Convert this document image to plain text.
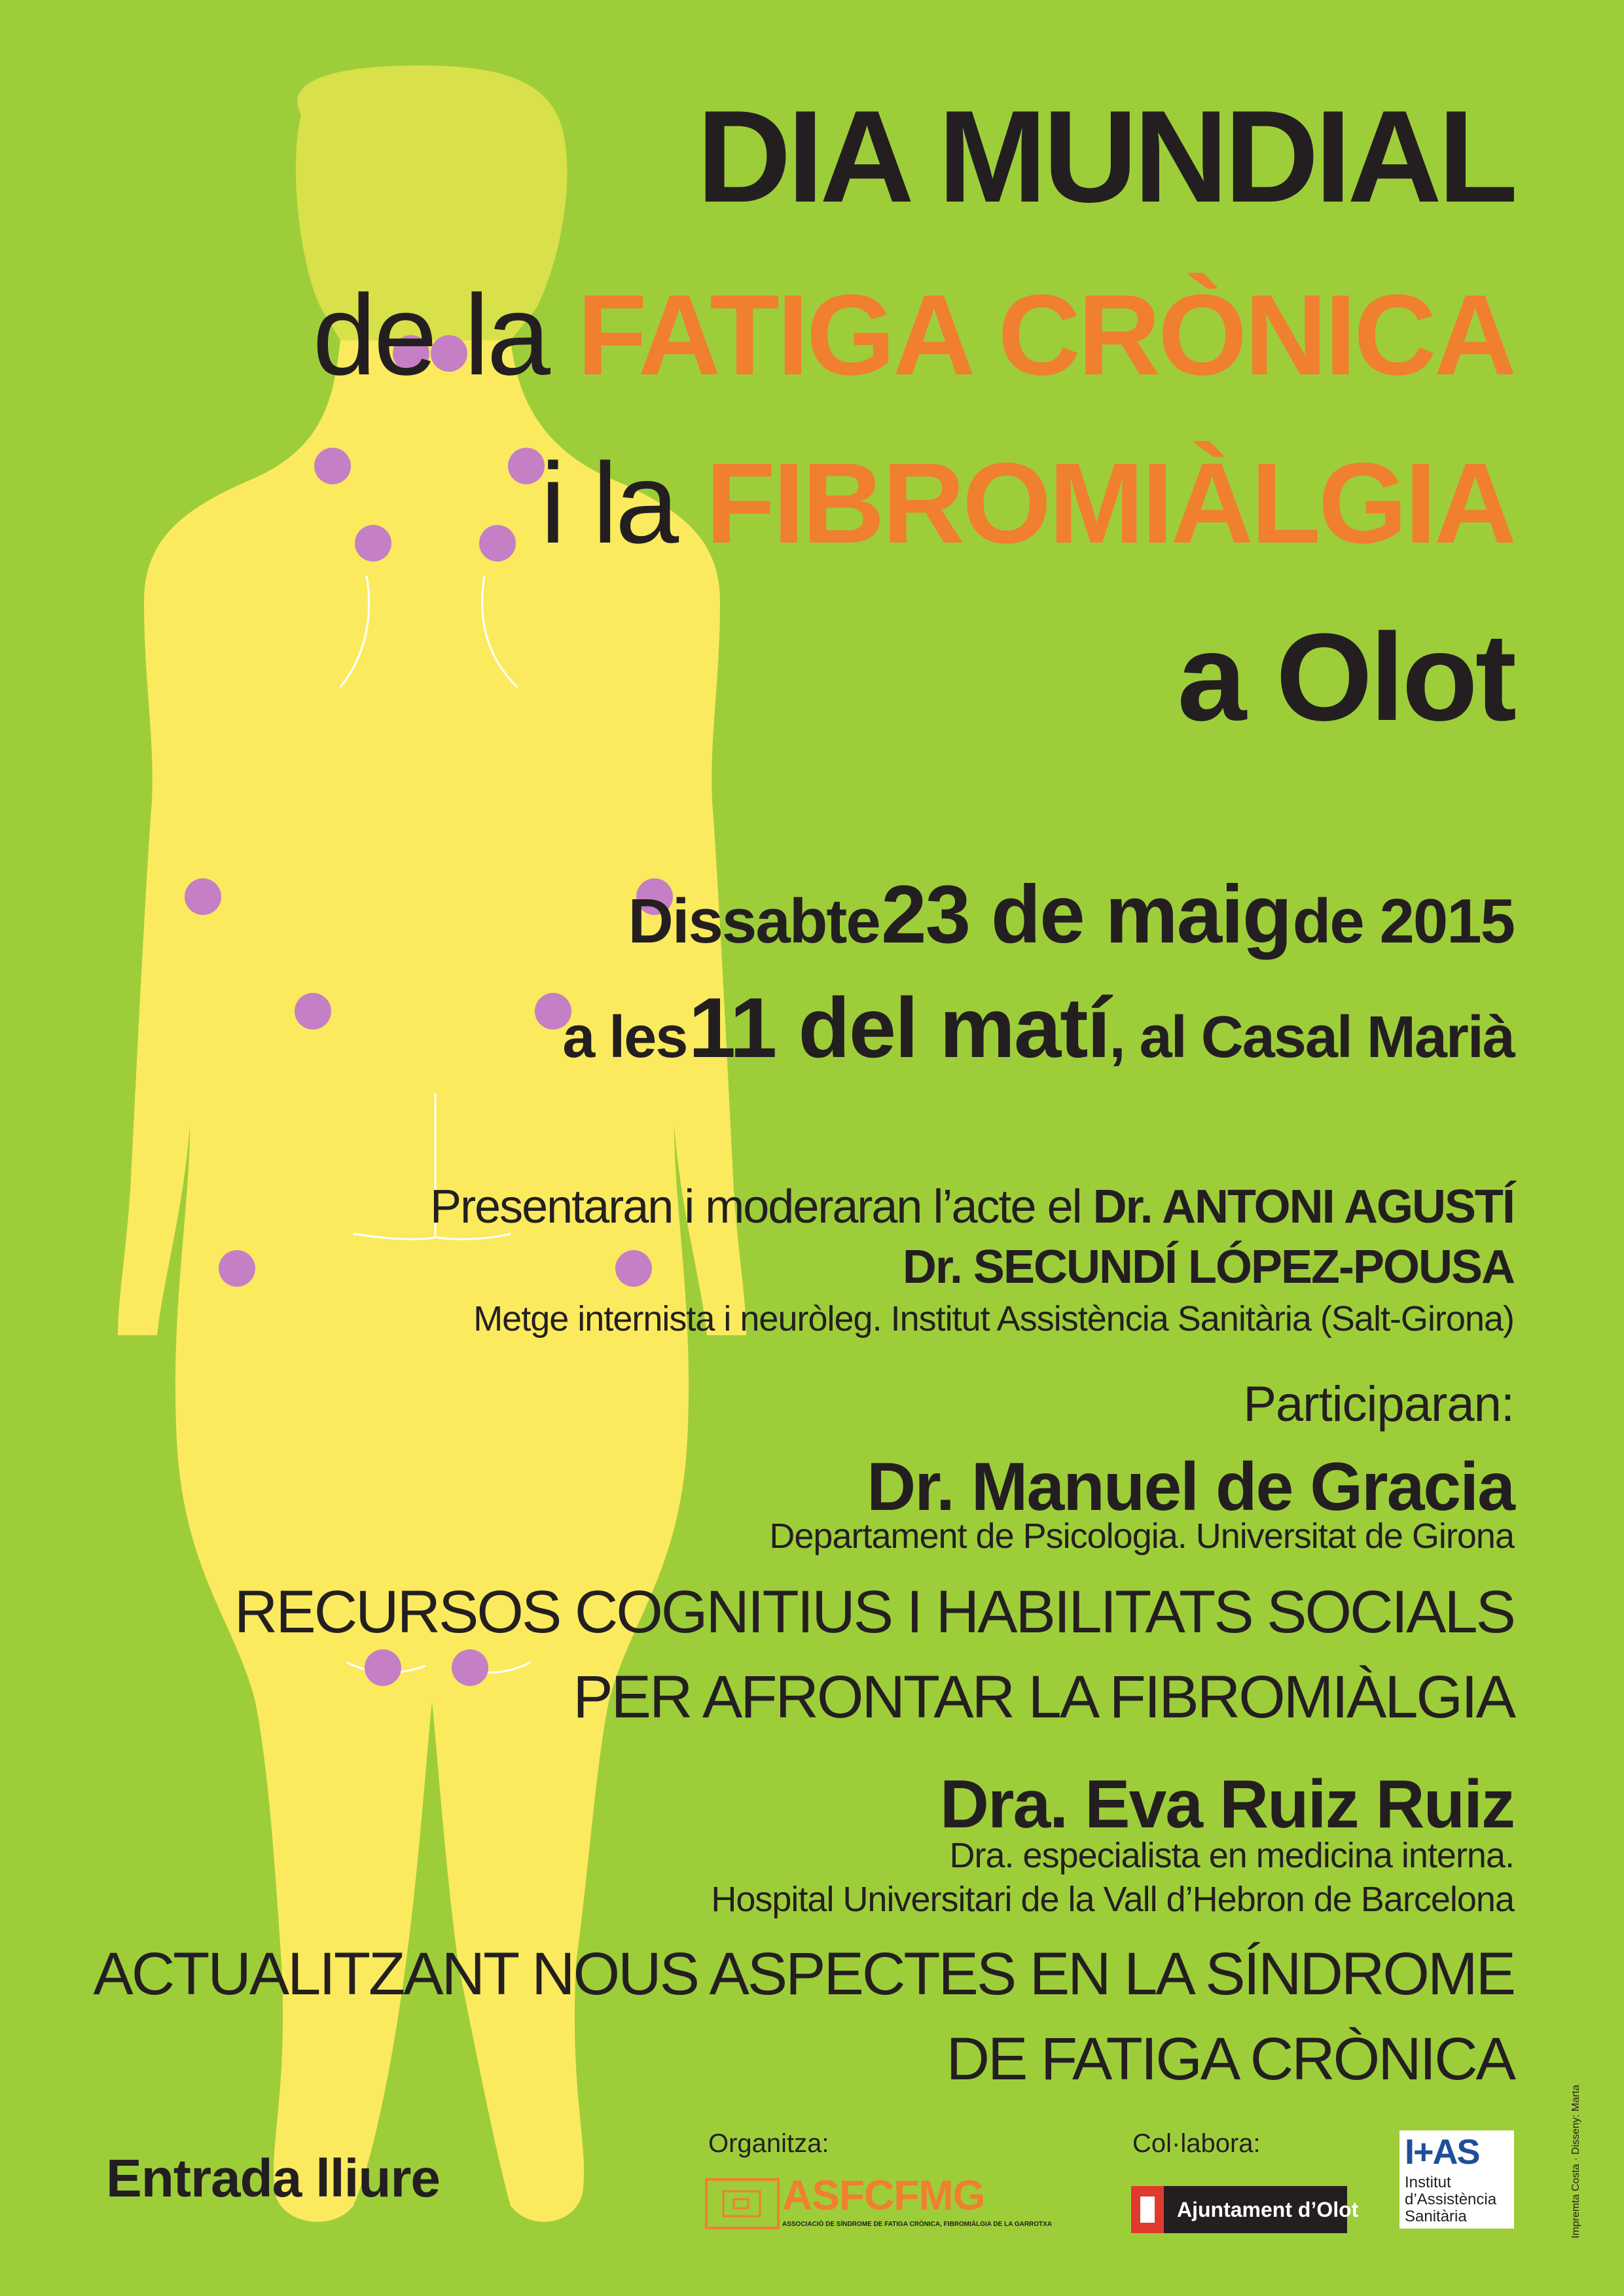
DIA MUNDIAL
de la FATIGA CRÒNICA
i la FIBROMIÀLGIA
a Olot
Dissabte 23 de maig de 2015
a les 11 del matí, al Casal Marià
Presentaran i moderaran l’acte el Dr. ANTONI AGUSTÍ
Dr. SECUNDÍ LÓPEZ-POUSA
Metge internista i neuròleg. Institut Assistència Sanitària (Salt-Girona)
Participaran:
Dr. Manuel de Gracia
Departament de Psicologia. Universitat de Girona
RECURSOS COGNITIUS I HABILITATS SOCIALS
PER AFRONTAR LA FIBROMIÀLGIA
Dra. Eva Ruiz Ruiz
Dra. especialista en medicina interna.
Hospital Universitari de la Vall d’Hebron de Barcelona
ACTUALITZANT NOUS ASPECTES EN LA SÍNDROME
DE FATIGA CRÒNICA
Entrada lliure
Organitza:
ASFCFMG
ASSOCIACIÓ DE SÍNDROME DE FATIGA CRÒNICA, FIBROMIÀLGIA DE LA GARROTXA
Col·labora:
Ajuntament d’Olot
I+AS
Institut
d’Assistència
Sanitària	Impremta Costa · Disseny: Marta
